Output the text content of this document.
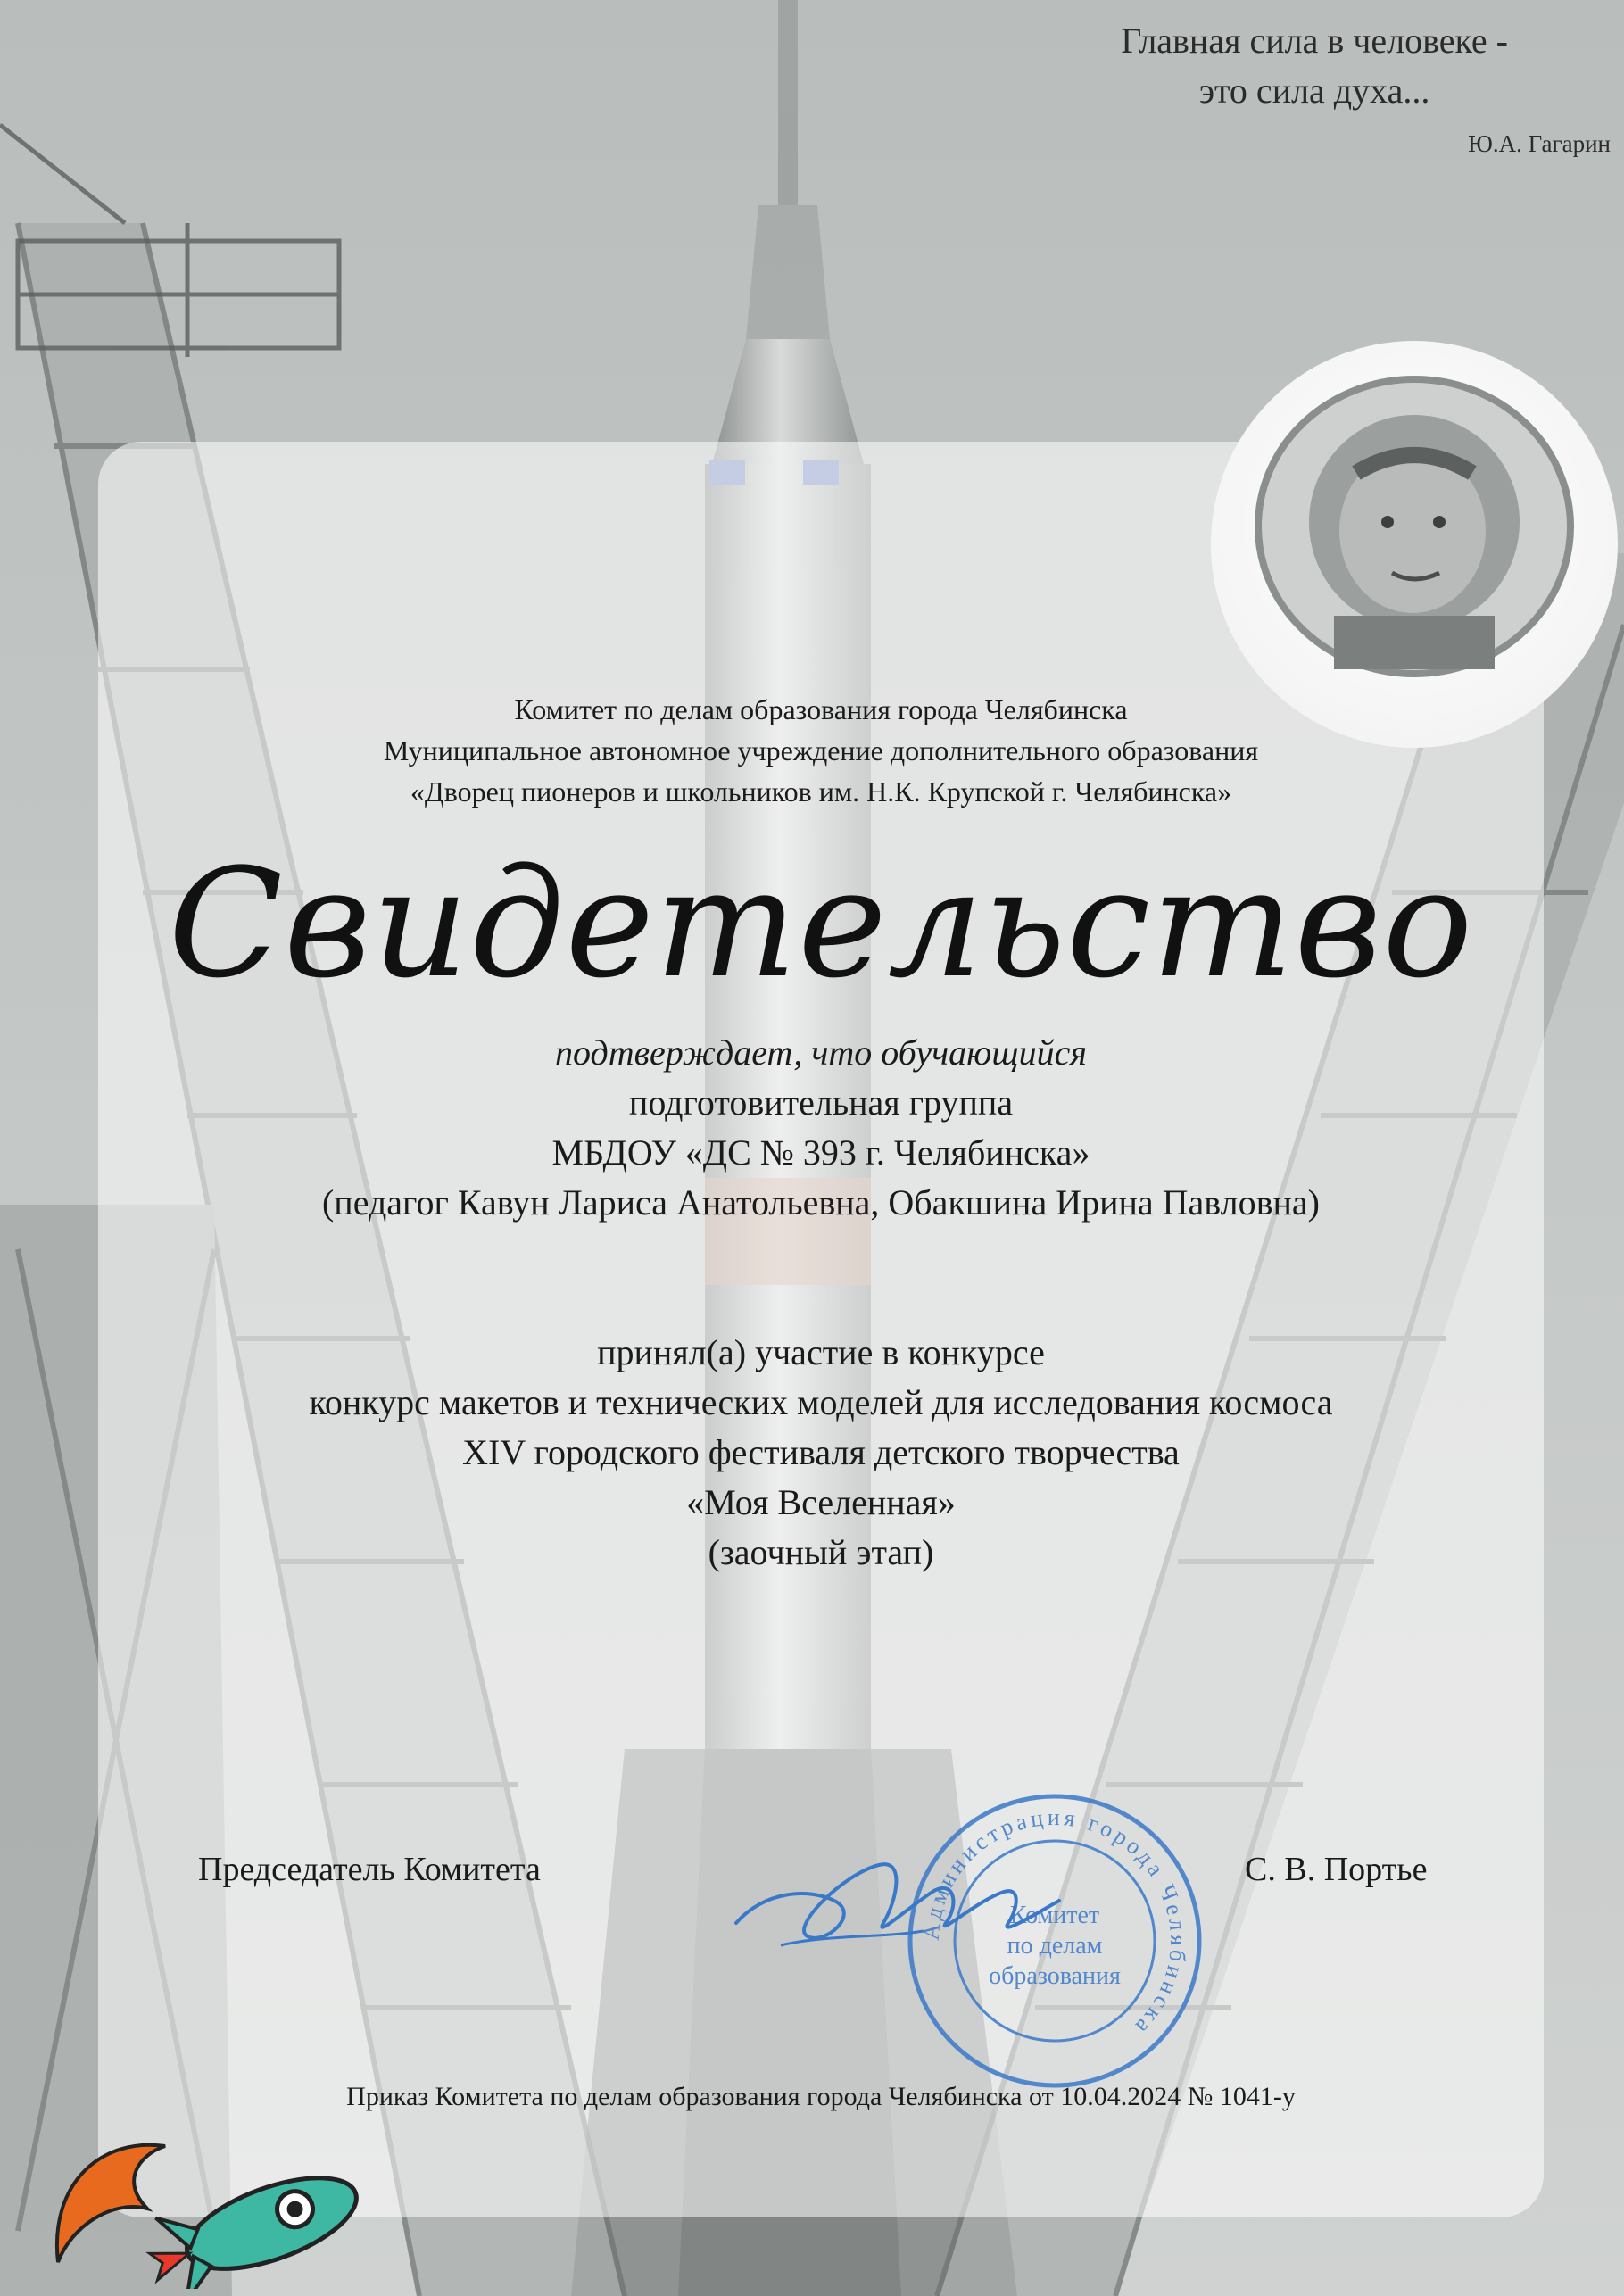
Главная сила в человеке -
это сила духа...
Ю.А. Гагарин
Комитет по делам образования города Челябинска
Муниципальное автономное учреждение дополнительного образования
«Дворец пионеров и школьников им. Н.К. Крупской г. Челябинска»
Свидетельство
подтверждает, что обучающийся
подготовительная группа
МБДОУ «ДС № 393 г. Челябинска»
(педагог Кавун Лариса Анатольевна, Обакшина Ирина Павловна)
принял(а) участие в конкурсе
конкурс макетов и технических моделей для исследования космоса
XIV городского фестиваля детского творчества
«Моя Вселенная»
(заочный этап)
Председатель Комитета	С. В. Портье
Администрация города Челябинска
Комитет
по делам
образования
Приказ Комитета по делам образования города Челябинска от 10.04.2024 № 1041-у
